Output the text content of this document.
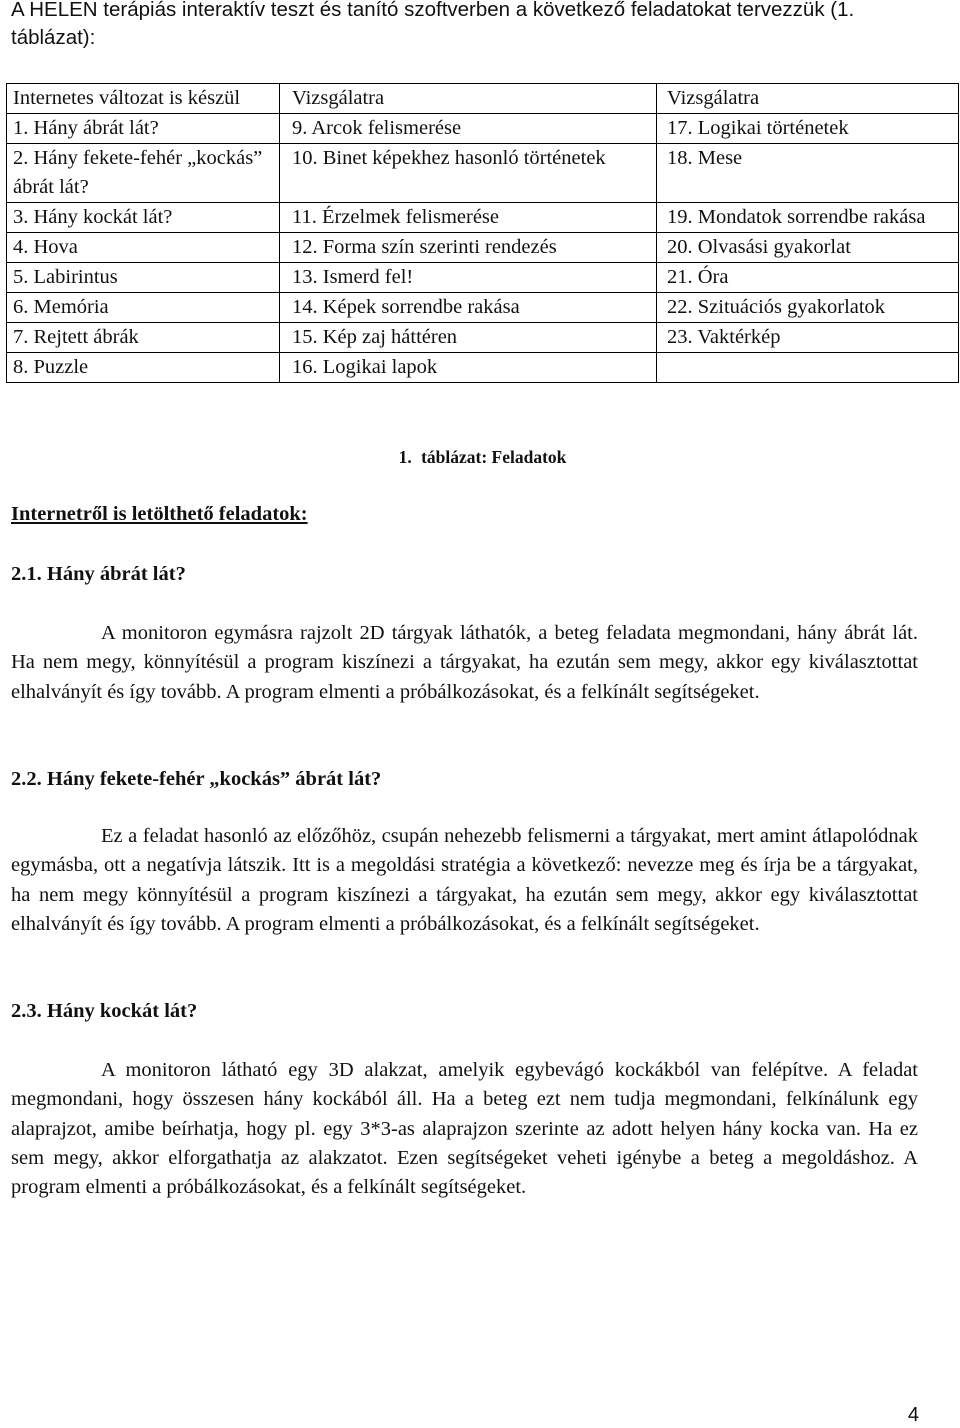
A HELEN terápiás interaktív teszt és tanító szoftverben a következő feladatokat tervezzük (1. táblázat):

Internetes változat is készül	Vizsgálatra	Vizsgálatra
1. Hány ábrát lát?	9. Arcok felismerése	17. Logikai történetek
2. Hány fekete-fehér „kockás” ábrát lát?	10. Binet képekhez hasonló történetek	18. Mese
3. Hány kockát lát?	11. Érzelmek felismerése	19. Mondatok sorrendbe rakása
4. Hova	12. Forma szín szerinti rendezés	20. Olvasási gyakorlat
5. Labirintus	13. Ismerd fel!	21. Óra
6. Memória	14. Képek sorrendbe rakása	22. Szituációs gyakorlatok
7. Rejtett ábrák	15. Kép zaj háttéren	23. Vaktérkép
8. Puzzle	16. Logikai lapok	
1. táblázat: Feladatok

Internetről is letölthető feladatok:

2.1. Hány ábrát lát?

A monitoron egymásra rajzolt 2D tárgyak láthatók, a beteg feladata megmondani, hány ábrát lát. Ha nem megy, könnyítésül a program kiszínezi a tárgyakat, ha ezután sem megy, akkor egy kiválasztottat elhalványít és így tovább. A program elmenti a próbálkozásokat, és a felkínált segítségeket.

2.2. Hány fekete-fehér „kockás” ábrát lát?

Ez a feladat hasonló az előzőhöz, csupán nehezebb felismerni a tárgyakat, mert amint átlapolódnak egymásba, ott a negatívja látszik. Itt is a megoldási stratégia a következő: nevezze meg és írja be a tárgyakat, ha nem megy könnyítésül a program kiszínezi a tárgyakat, ha ezután sem megy, akkor egy kiválasztottat elhalványít és így tovább. A program elmenti a próbálkozásokat, és a felkínált segítségeket.

2.3. Hány kockát lát?

A monitoron látható egy 3D alakzat, amelyik egybevágó kockákból van felépítve. A feladat megmondani, hogy összesen hány kockából áll. Ha a beteg ezt nem tudja megmondani, felkínálunk egy alaprajzot, amibe beírhatja, hogy pl. egy 3*3-as alaprajzon szerinte az adott helyen hány kocka van. Ha ez sem megy, akkor elforgathatja az alakzatot. Ezen segítségeket veheti igénybe a beteg a megoldáshoz. A program elmenti a próbálkozásokat, és a felkínált segítségeket.

4
